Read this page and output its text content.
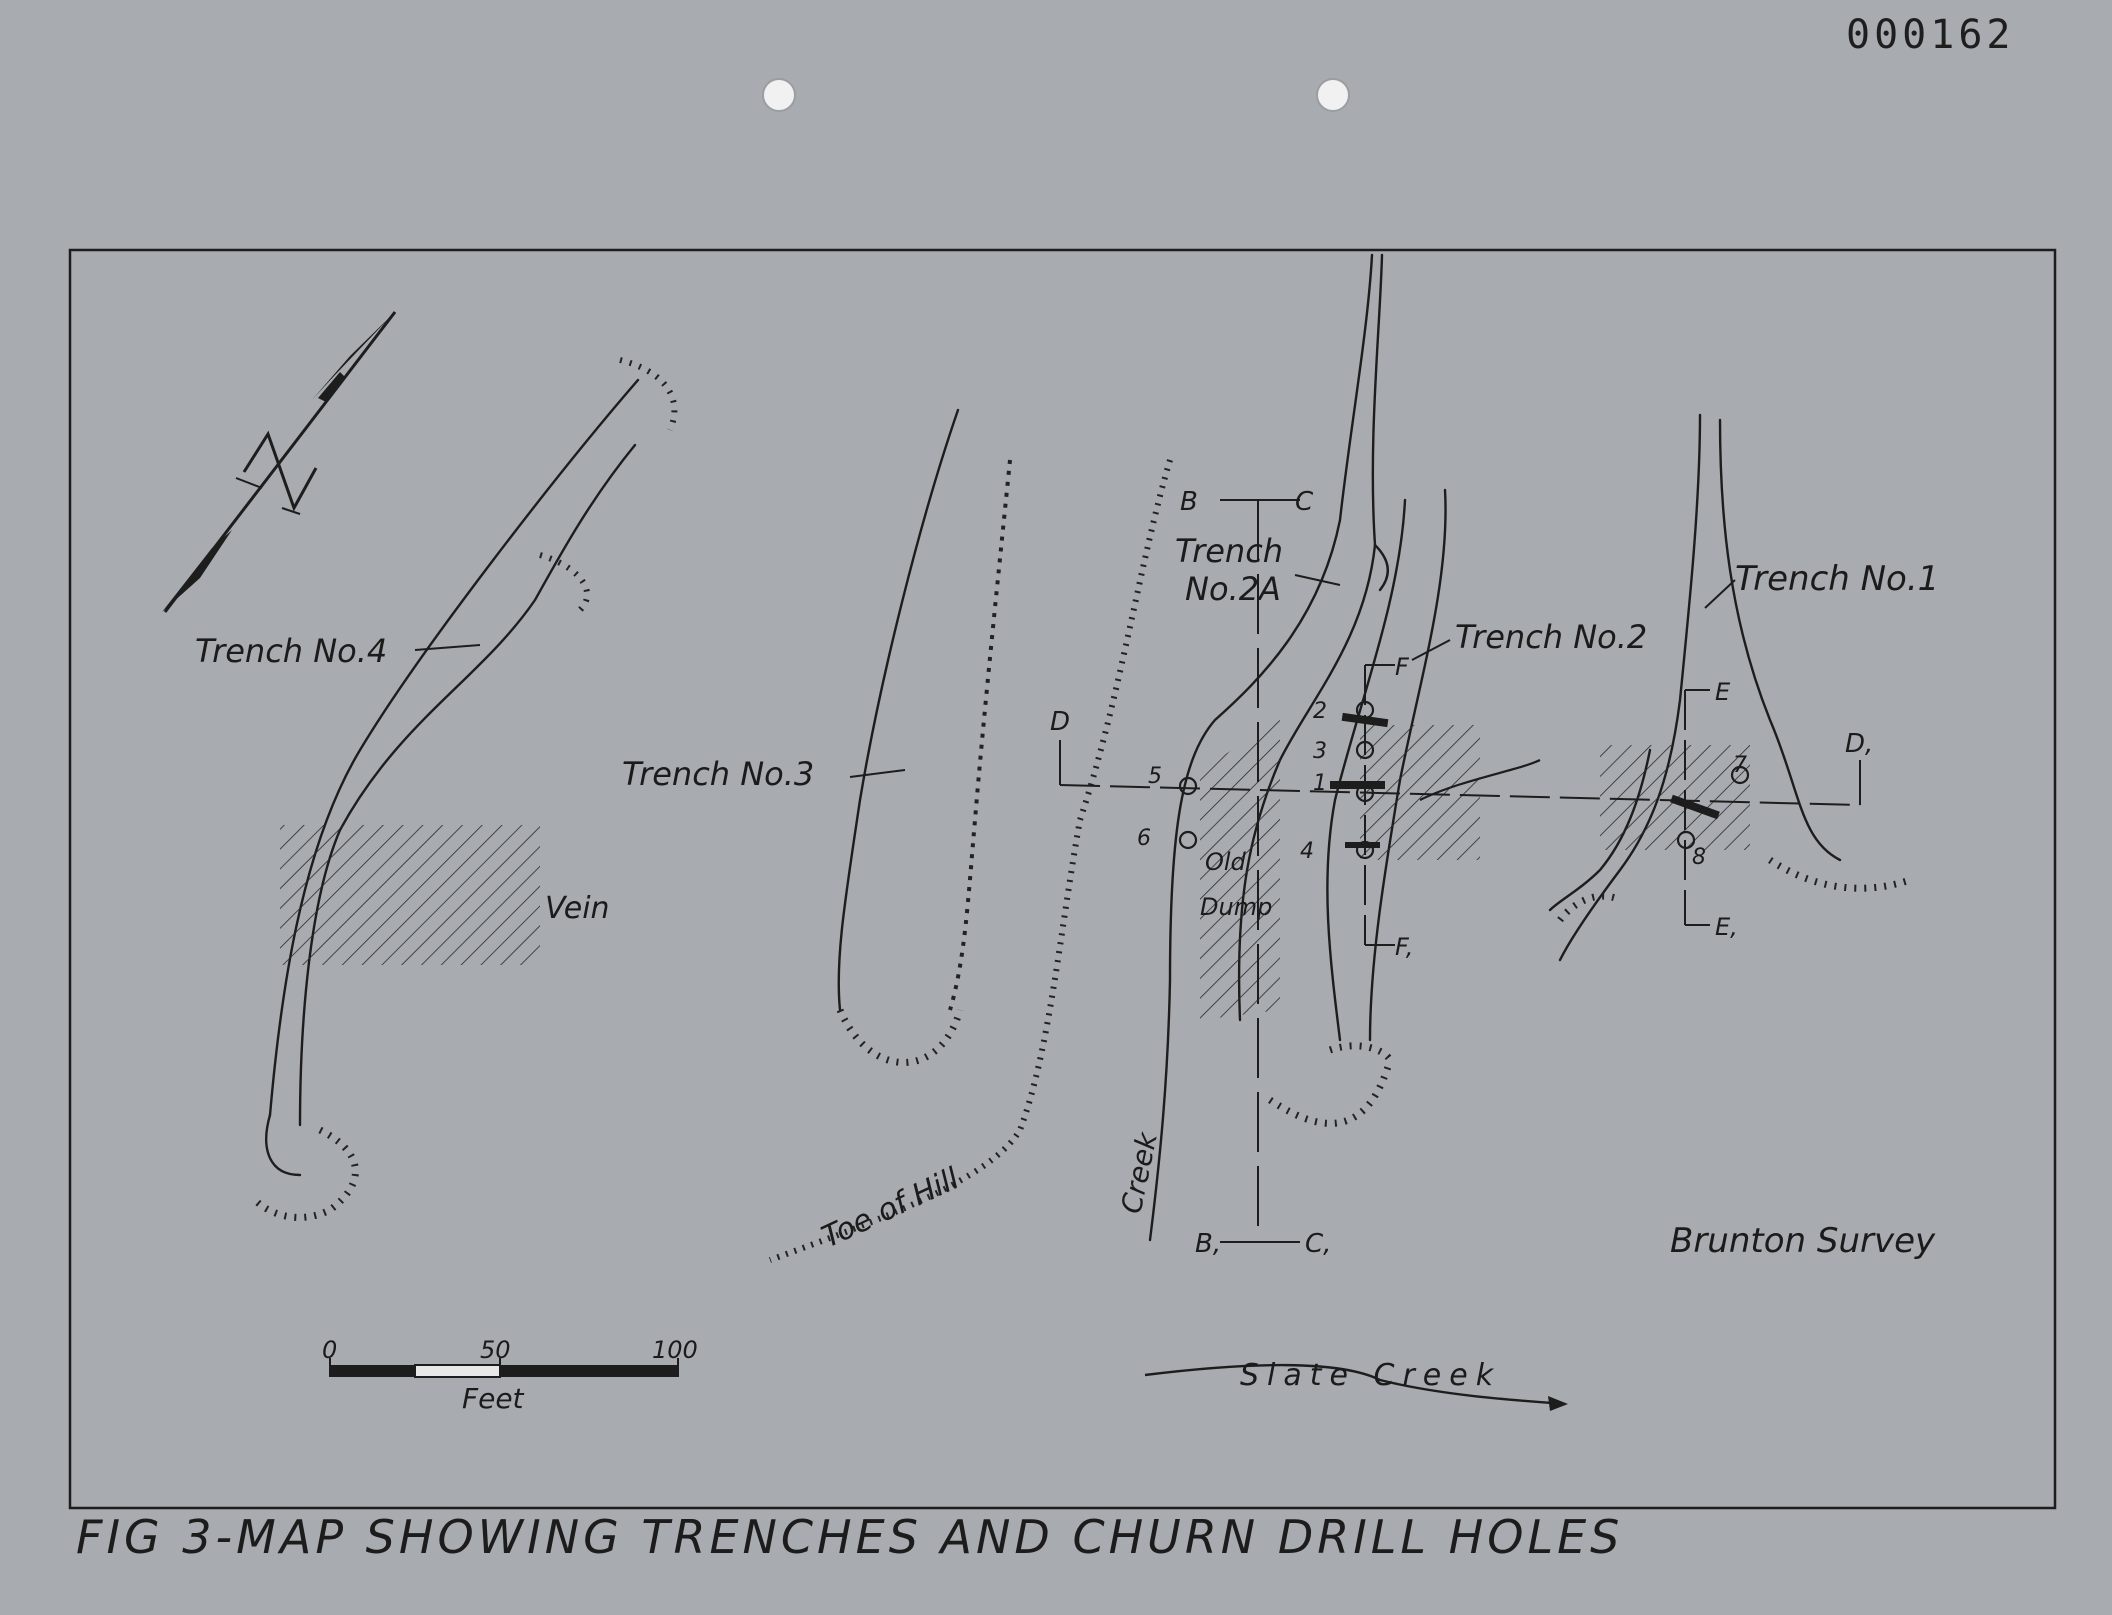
000162
Trench No.4
Vein
Trench No.3
Trench
No.2A
Trench No.2
Trench No.1
Old
Dump
Toe of Hill	Creek
Slate Creek
Brunton Survey
B	C
B,	C,
D
D,
F
F,
E
E,
2
3
1
4
5
6
7
8
0	50	100
Feet
FIG 3-MAP SHOWING TRENCHES AND CHURN DRILL HOLES
